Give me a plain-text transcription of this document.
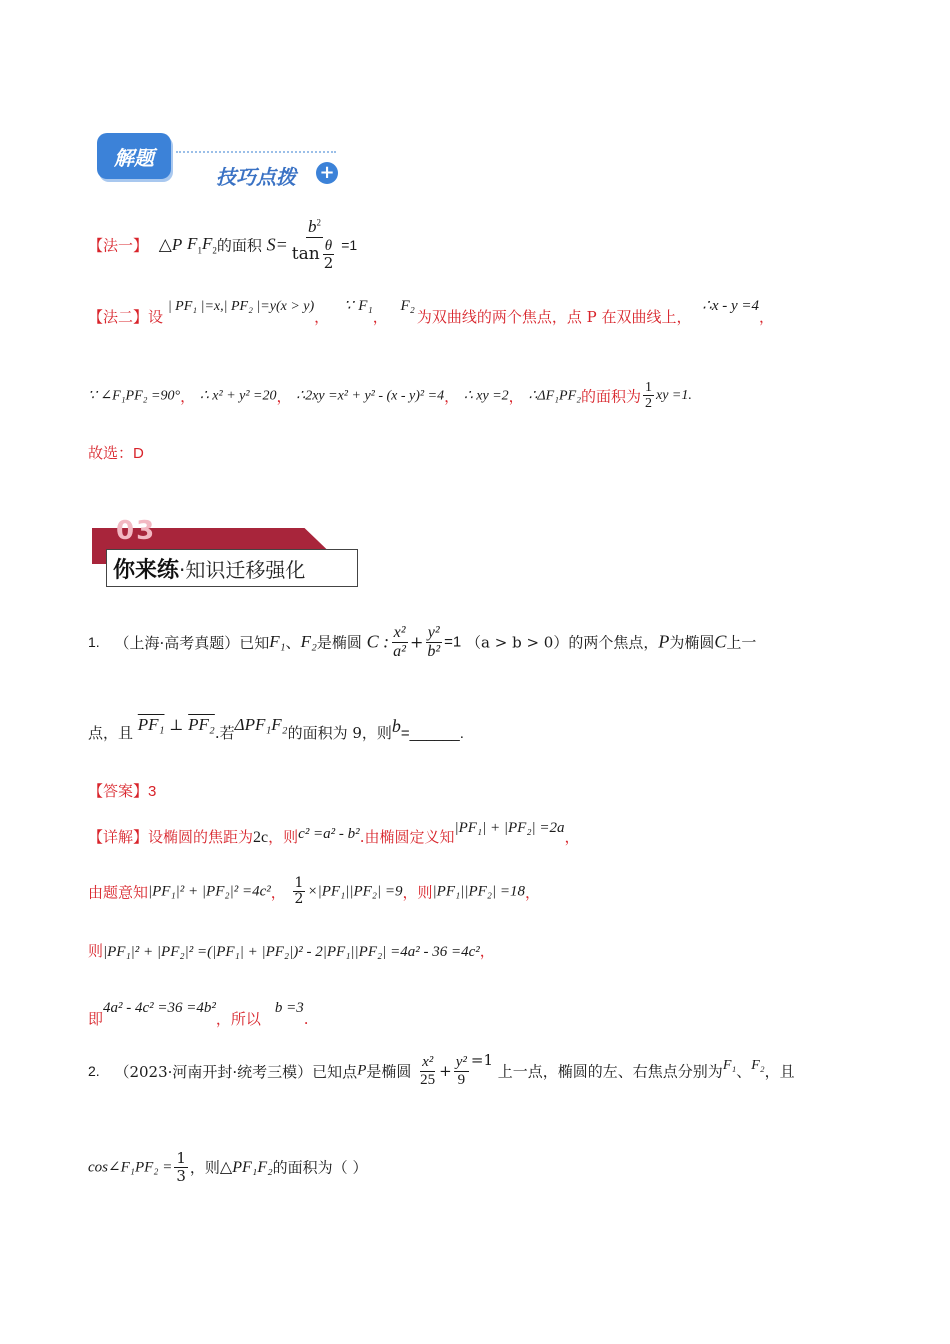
解题
技巧点拨 +
【法一】 △P $F_1F_2$的面积 $S= \frac{b^2}{\tan \frac{\theta}{2}} =1$
【法二】设 | PF₁ |=x,| PF₂ |=y(x > y)， ∵ F₁， F₂为双曲线的两个焦点，点 P 在双曲线上， ∴x - y =4，
∵ ∠F₁PF₂ =90°， ∴ x² + y² =20， ∴2xy =x² + y² - (x - y)² =4， ∴ xy =2， ∴ΔF₁PF₂的面积为 $\frac{1}{2}$ xy =1.
故选：D
03
你来练 ·知识迁移强化
1. （上海·高考真题）已知F₁、F₂是椭圆 C : $\frac{\text{x²}}{\text{a²}} + \frac{\text{y²}}{\text{b²}} =1$ （a > b > 0）的两个焦点，P为椭圆C上一
点，且 PF₁ ⊥ PF₂.若ΔPF₁F₂的面积为 9，则b=______.
【答案】3
【详解】设椭圆的焦距为2c，则c² =a² - b².由椭圆定义知|PF₁| + |PF₂| =2a，
由题意知|PF₁|² + |PF₂|² =4c²， $\frac{1}{2} \times|PF_1||PF_2| =9$，则|PF₁||PF₂| =18，
则|PF₁|² + |PF₂|² =(|PF₁| + |PF₂|)² - 2|PF₁||PF₂| =4a² - 36 =4c²，
即4a² - 4c² =36 =4b²，所以b =3.
2. （2023·河南开封·统考三模）已知点P是椭圆 $\frac{\text{x²}}{25} + \frac{\text{y²}}{9} =1$ 上一点，椭圆的左、右焦点分别为F₁、F₂，且
cos∠F₁PF₂ = $\frac{1}{3}$ ，则△PF₁F₂的面积为（ ）
